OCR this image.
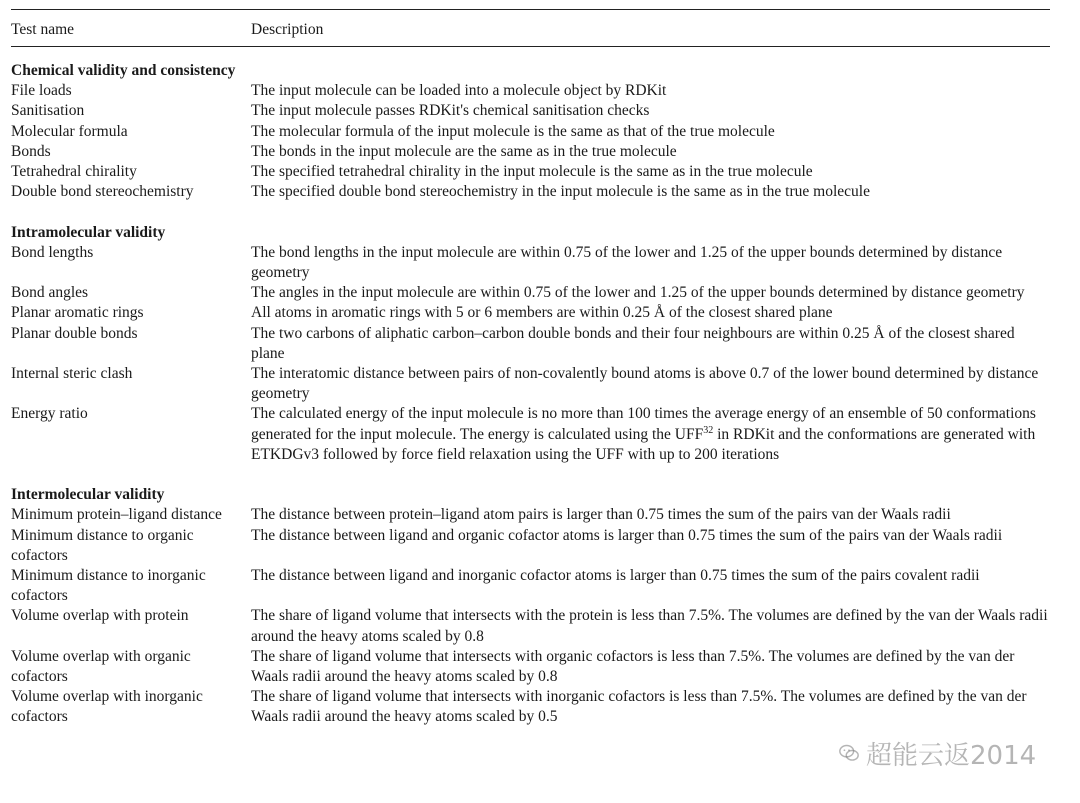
Test name	Description
Chemical validity and consistency	
File loads	The input molecule can be loaded into a molecule object by RDKit
Sanitisation	The input molecule passes RDKit's chemical sanitisation checks
Molecular formula	The molecular formula of the input molecule is the same as that of the true molecule
Bonds	The bonds in the input molecule are the same as in the true molecule
Tetrahedral chirality	The specified tetrahedral chirality in the input molecule is the same as in the true molecule
Double bond stereochemistry	The specified double bond stereochemistry in the input molecule is the same as in the true molecule

Intramolecular validity	
Bond lengths	The bond lengths in the input molecule are within 0.75 of the lower and 1.25 of the upper bounds determined by distance geometry
Bond angles	The angles in the input molecule are within 0.75 of the lower and 1.25 of the upper bounds determined by distance geometry
Planar aromatic rings	All atoms in aromatic rings with 5 or 6 members are within 0.25 Å of the closest shared plane
Planar double bonds	The two carbons of aliphatic carbon–carbon double bonds and their four neighbours are within 0.25 Å of the closest shared plane
Internal steric clash	The interatomic distance between pairs of non-covalently bound atoms is above 0.7 of the lower bound determined by distance geometry
Energy ratio	The calculated energy of the input molecule is no more than 100 times the average energy of an ensemble of 50 conformations generated for the input molecule. The energy is calculated using the UFF$^{32}$ in RDKit and the conformations are generated with ETKDGv3 followed by force field relaxation using the UFF with up to 200 iterations

Intermolecular validity	
Minimum protein–ligand distance	The distance between protein–ligand atom pairs is larger than 0.75 times the sum of the pairs van der Waals radii
Minimum distance to organic cofactors	The distance between ligand and organic cofactor atoms is larger than 0.75 times the sum of the pairs van der Waals radii
Minimum distance to inorganic cofactors	The distance between ligand and inorganic cofactor atoms is larger than 0.75 times the sum of the pairs covalent radii
Volume overlap with protein	The share of ligand volume that intersects with the protein is less than 7.5%. The volumes are defined by the van der Waals radii around the heavy atoms scaled by 0.8
Volume overlap with organic cofactors	The share of ligand volume that intersects with organic cofactors is less than 7.5%. The volumes are defined by the van der Waals radii around the heavy atoms scaled by 0.8
Volume overlap with inorganic cofactors	The share of ligand volume that intersects with inorganic cofactors is less than 7.5%. The volumes are defined by the van der Waals radii around the heavy atoms scaled by 0.5
超能云返2014
